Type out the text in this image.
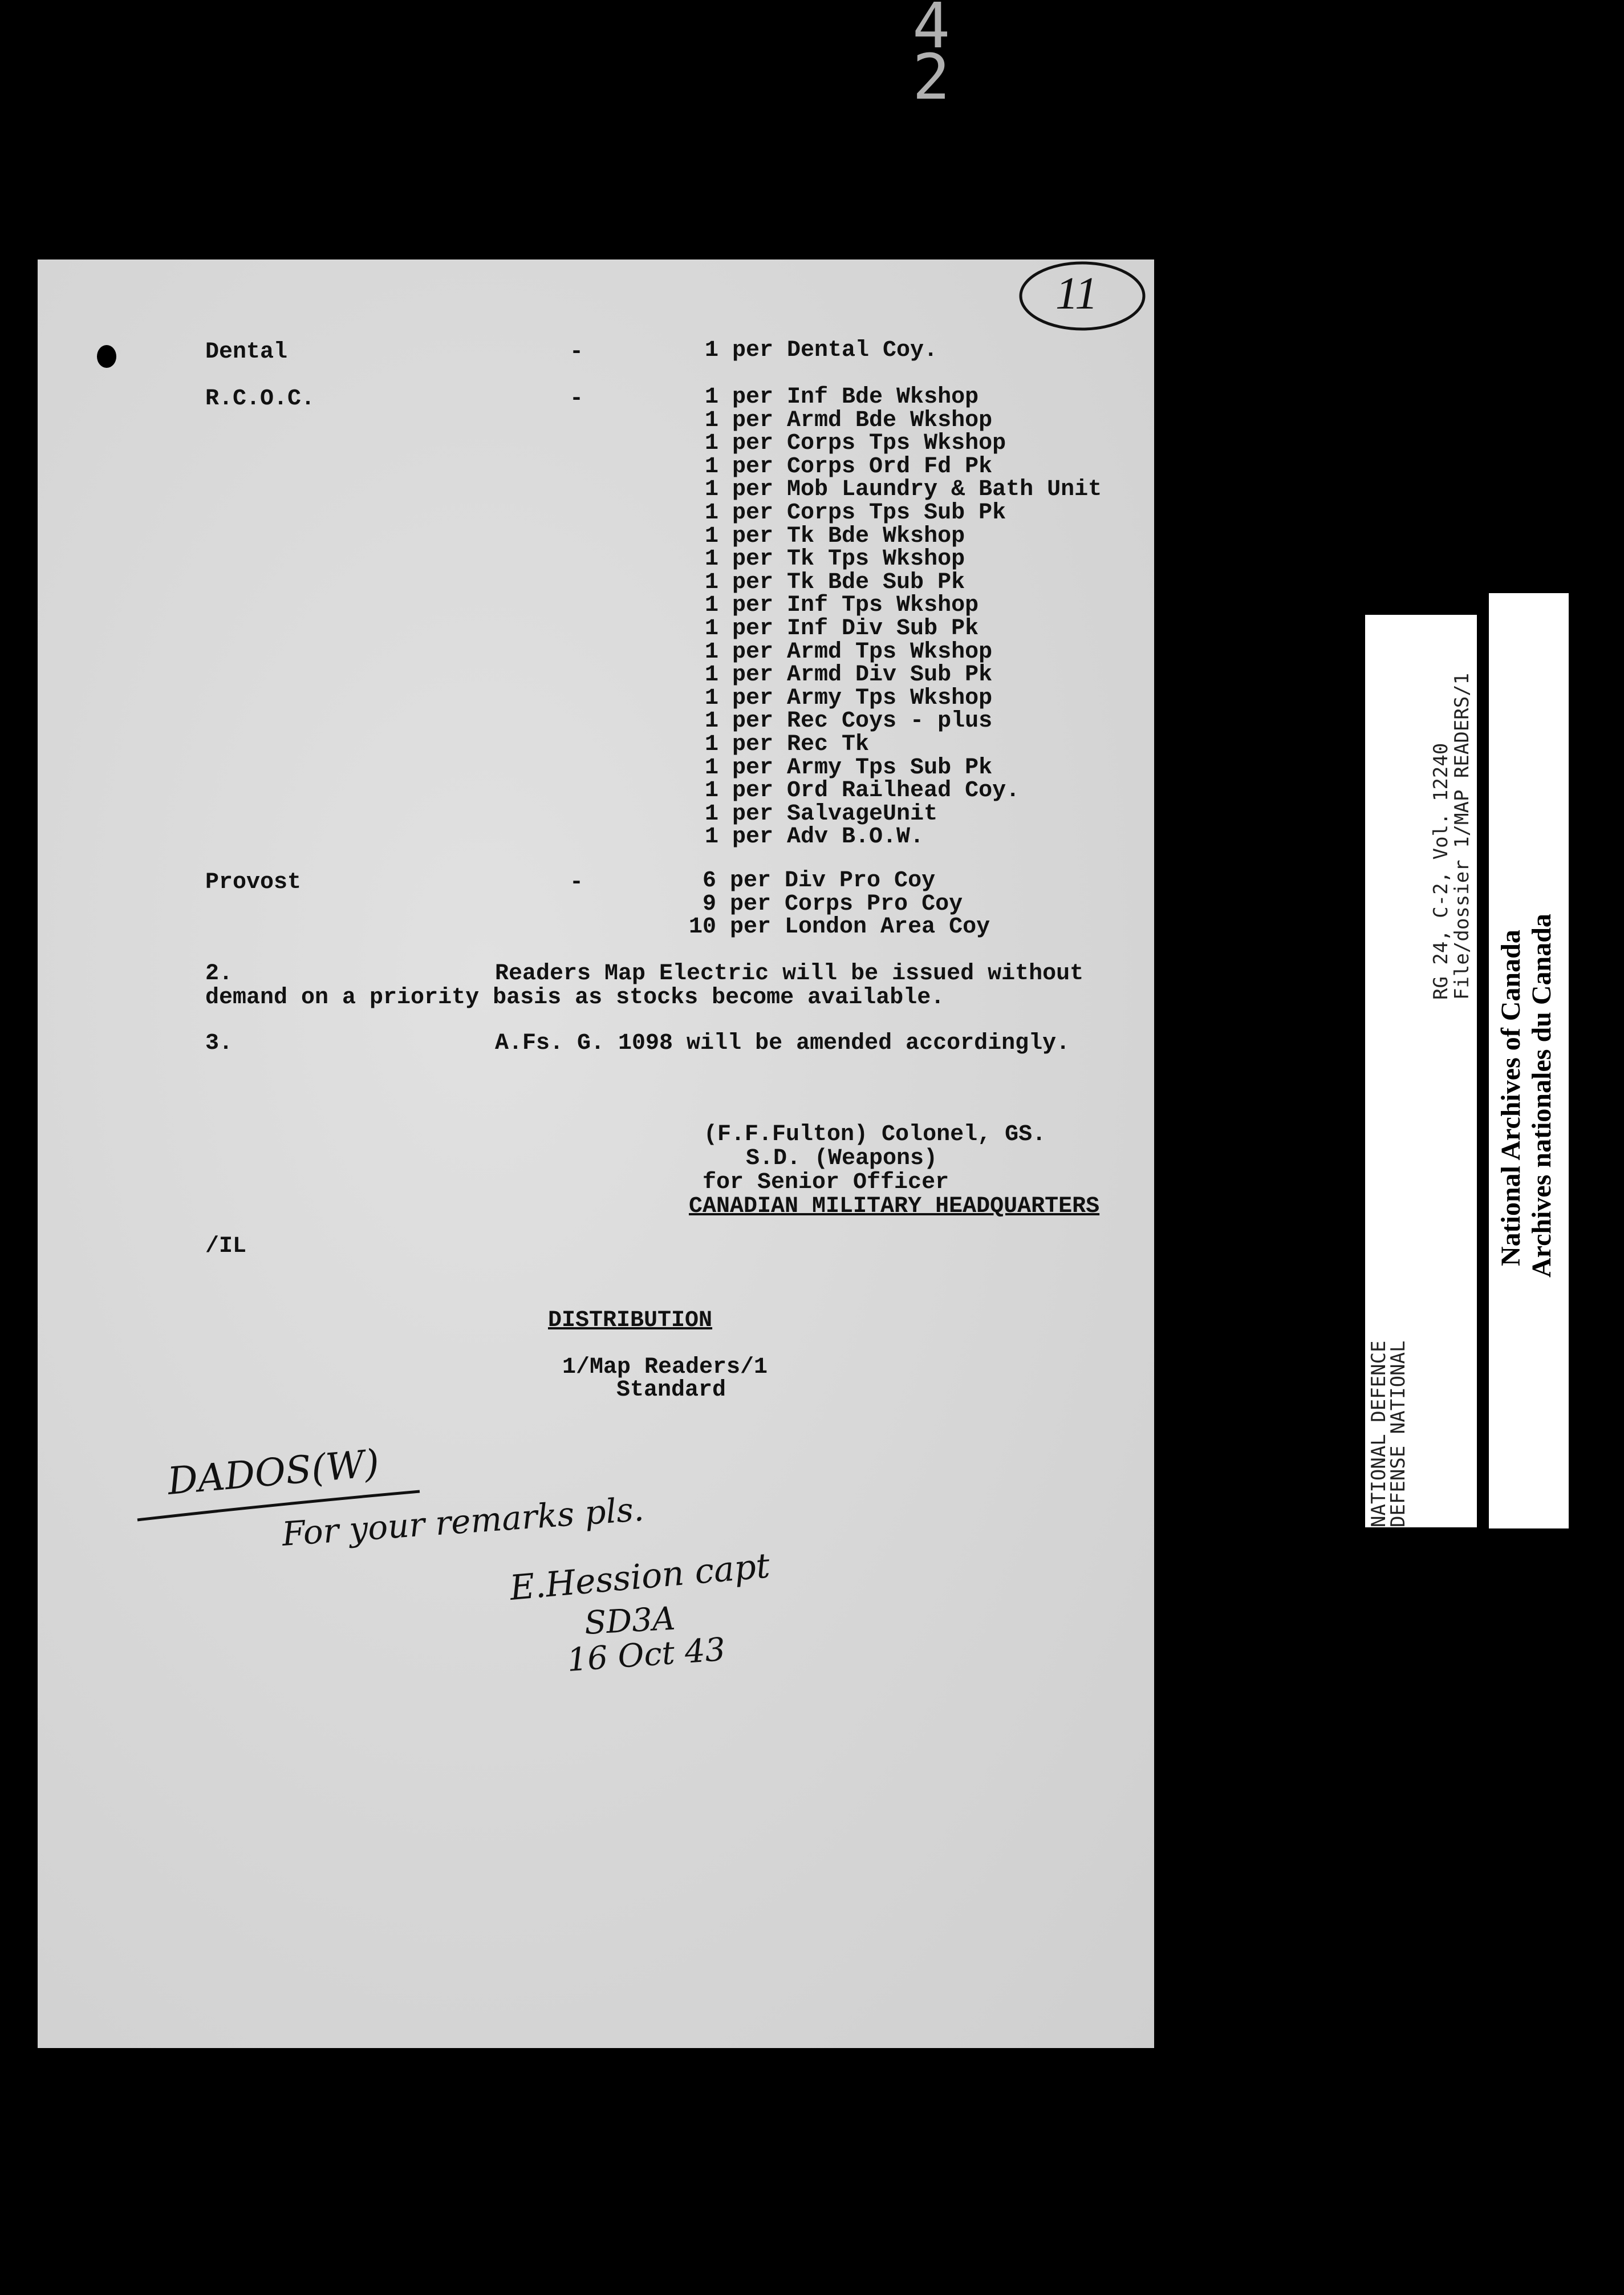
4 2
11
Dental	-	1 per Dental Coy.
R.C.O.C.	-	1 per Inf Bde Wkshop
1 per Armd Bde Wkshop
1 per Corps Tps Wkshop
1 per Corps Ord Fd Pk
1 per Mob Laundry & Bath Unit
1 per Corps Tps Sub Pk
1 per Tk Bde Wkshop
1 per Tk Tps Wkshop
1 per Tk Bde Sub Pk
1 per Inf Tps Wkshop
1 per Inf Div Sub Pk
1 per Armd Tps Wkshop
1 per Armd Div Sub Pk
1 per Army Tps Wkshop
1 per Rec Coys - plus
1 per Rec Tk
1 per Army Tps Sub Pk
1 per Ord Railhead Coy.
1 per SalvageUnit
1 per Adv B.O.W.
Provost	-	6 per Div Pro Coy
9 per Corps Pro Coy
10 per London Area Coy
2.	Readers Map Electric will be issued without
demand on a priority basis as stocks become available.
3.	A.Fs. G. 1098 will be amended accordingly.
(F.F.Fulton) Colonel, GS.
S.D. (Weapons)
for Senior Officer
CANADIAN MILITARY HEADQUARTERS
/IL
DISTRIBUTION
1/Map Readers/1
Standard
DADOS(W)
For your remarks pls.
E.Hession capt
SD3A
16 Oct 43
RG 24, C-2, Vol. 12240
File/dossier 1/MAP READERS/1
NATIONAL DEFENCE
DEFENSE NATIONAL
National Archives of Canada Archives nationales du Canada
